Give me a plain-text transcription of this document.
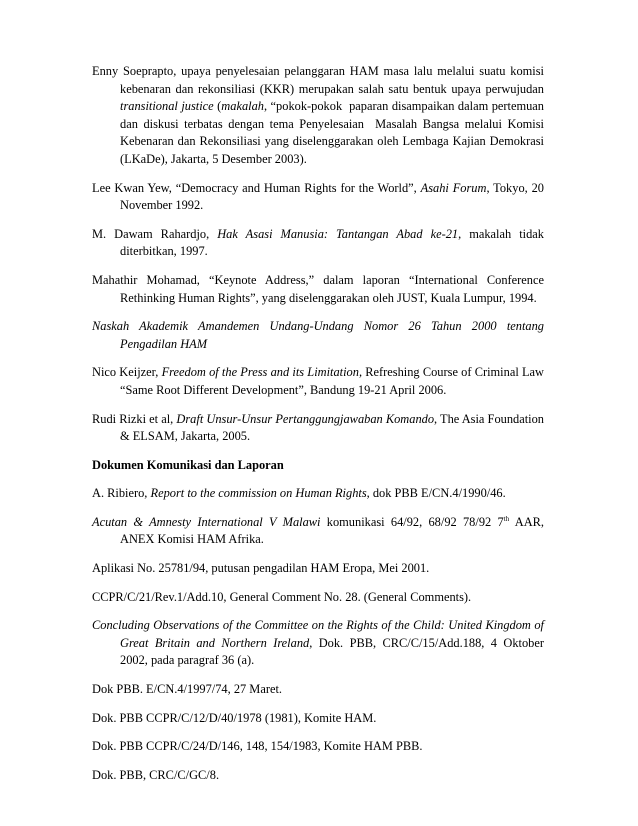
Enny Soeprapto, upaya penyelesaian pelanggaran HAM masa lalu melalui suatu komisi kebenaran dan rekonsiliasi (KKR) merupakan salah satu bentuk upaya perwujudan transitional justice (makalah, “pokok-pokok  paparan disampaikan dalam pertemuan dan diskusi terbatas dengan tema Penyelesaian  Masalah Bangsa melalui Komisi Kebenaran dan Rekonsiliasi yang diselenggarakan oleh Lembaga Kajian Demokrasi (LKaDe), Jakarta, 5 Desember 2003).

Lee Kwan Yew, “Democracy and Human Rights for the World”, Asahi Forum, Tokyo, 20 November 1992.

M. Dawam Rahardjo, Hak Asasi Manusia: Tantangan Abad ke-21, makalah tidak diterbitkan, 1997.

Mahathir Mohamad, “Keynote Address,” dalam laporan “International Conference Rethinking Human Rights”, yang diselenggarakan oleh JUST, Kuala Lumpur, 1994.

Naskah Akademik Amandemen Undang-Undang Nomor 26 Tahun 2000 tentang Pengadilan HAM

Nico Keijzer, Freedom of the Press and its Limitation, Refreshing Course of Criminal Law “Same Root Different Development”, Bandung 19-21 April 2006.

Rudi Rizki et al, Draft Unsur-Unsur Pertanggungjawaban Komando, The Asia Foundation & ELSAM, Jakarta, 2005.

Dokumen Komunikasi dan Laporan

A. Ribiero, Report to the commission on Human Rights, dok PBB E/CN.4/1990/46.

Acutan & Amnesty International V Malawi komunikasi 64/92, 68/92 78/92 7th AAR, ANEX Komisi HAM Afrika.

Aplikasi No. 25781/94, putusan pengadilan HAM Eropa, Mei 2001.

CCPR/C/21/Rev.1/Add.10, General Comment No. 28. (General Comments).

Concluding Observations of the Committee on the Rights of the Child: United Kingdom of Great Britain and Northern Ireland, Dok. PBB, CRC/C/15/Add.188, 4 Oktober 2002, pada paragraf 36 (a).

Dok PBB. E/CN.4/1997/74, 27 Maret.

Dok. PBB CCPR/C/12/D/40/1978 (1981), Komite HAM.

Dok. PBB CCPR/C/24/D/146, 148, 154/1983, Komite HAM PBB.

Dok. PBB, CRC/C/GC/8.
